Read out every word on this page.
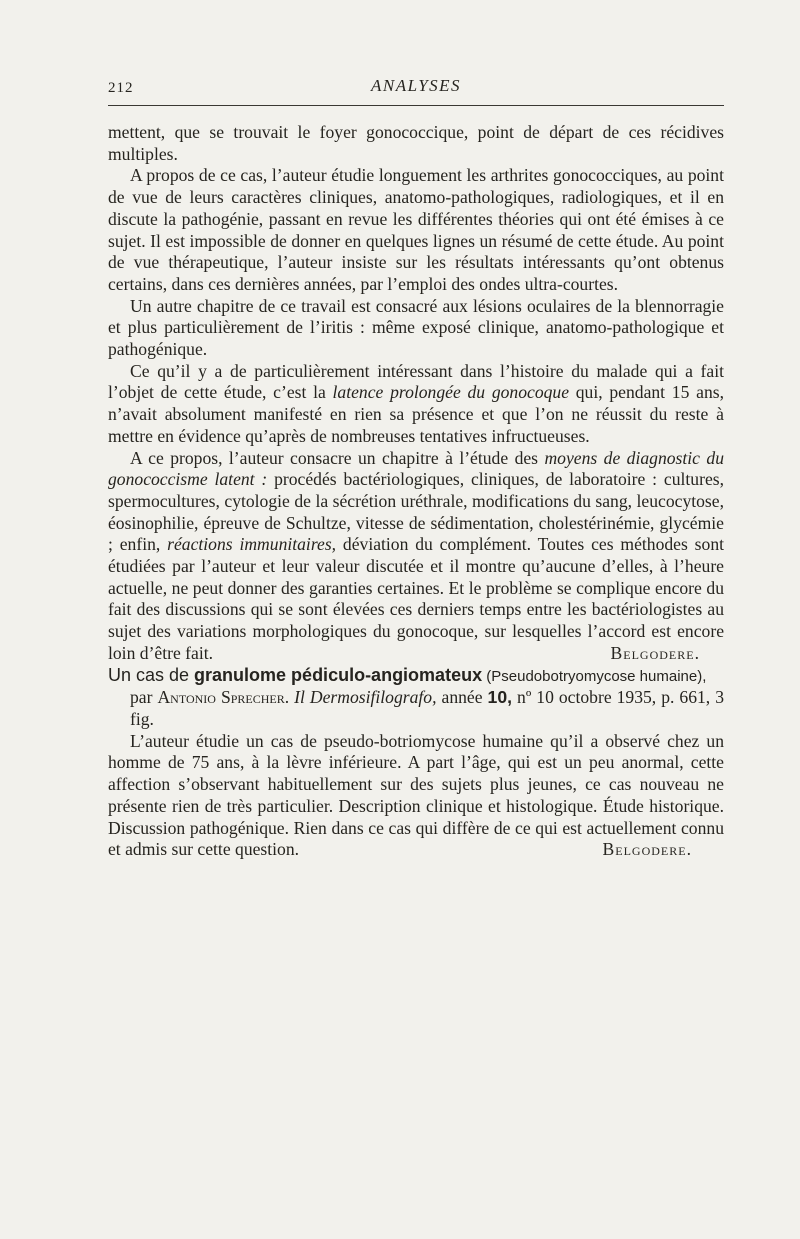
212	ANALYSES

mettent, que se trouvait le foyer gonococcique, point de départ de ces récidives multiples.

A propos de ce cas, l’auteur étudie longuement les arthrites gonococciques, au point de vue de leurs caractères cliniques, anatomo-pathologiques, radiologiques, et il en discute la pathogénie, passant en revue les différentes théories qui ont été émises à ce sujet. Il est impossible de donner en quelques lignes un résumé de cette étude. Au point de vue thérapeutique, l’auteur insiste sur les résultats intéressants qu’ont obtenus certains, dans ces dernières années, par l’emploi des ondes ultra-courtes.

Un autre chapitre de ce travail est consacré aux lésions oculaires de la blennorragie et plus particulièrement de l’iritis : même exposé clinique, anatomo-pathologique et pathogénique.

Ce qu’il y a de particulièrement intéressant dans l’histoire du malade qui a fait l’objet de cette étude, c’est la latence prolongée du gonocoque qui, pendant 15 ans, n’avait absolument manifesté en rien sa présence et que l’on ne réussit du reste à mettre en évidence qu’après de nombreuses tentatives infructueuses.

A ce propos, l’auteur consacre un chapitre à l’étude des moyens de diagnostic du gonococcisme latent : procédés bactériologiques, cliniques, de laboratoire : cultures, spermocultures, cytologie de la sécrétion uréthrale, modifications du sang, leucocytose, éosinophilie, épreuve de Schultze, vitesse de sédimentation, cholestérinémie, glycémie ; enfin, réactions immunitaires, déviation du complément. Toutes ces méthodes sont étudiées par l’auteur et leur valeur discutée et il montre qu’aucune d’elles, à l’heure actuelle, ne peut donner des garanties certaines. Et le problème se complique encore du fait des discussions qui se sont élevées ces derniers temps entre les bactériologistes au sujet des variations morphologiques du gonocoque, sur lesquelles l’accord est encore loin d’être fait.	Belgodere.

Un cas de granulome pédiculo-angiomateux (Pseudobotryomycose humaine),

par Antonio Sprecher. Il Dermosifilografo, année 10, nº 10 octobre 1935, p. 661, 3 fig.

L’auteur étudie un cas de pseudo-botriomycose humaine qu’il a observé chez un homme de 75 ans, à la lèvre inférieure. A part l’âge, qui est un peu anormal, cette affection s’observant habituellement sur des sujets plus jeunes, ce cas nouveau ne présente rien de très particulier. Description clinique et histologique. Étude historique. Discussion pathogénique. Rien dans ce cas qui diffère de ce qui est actuellement connu et admis sur cette question.	Belgodere.
